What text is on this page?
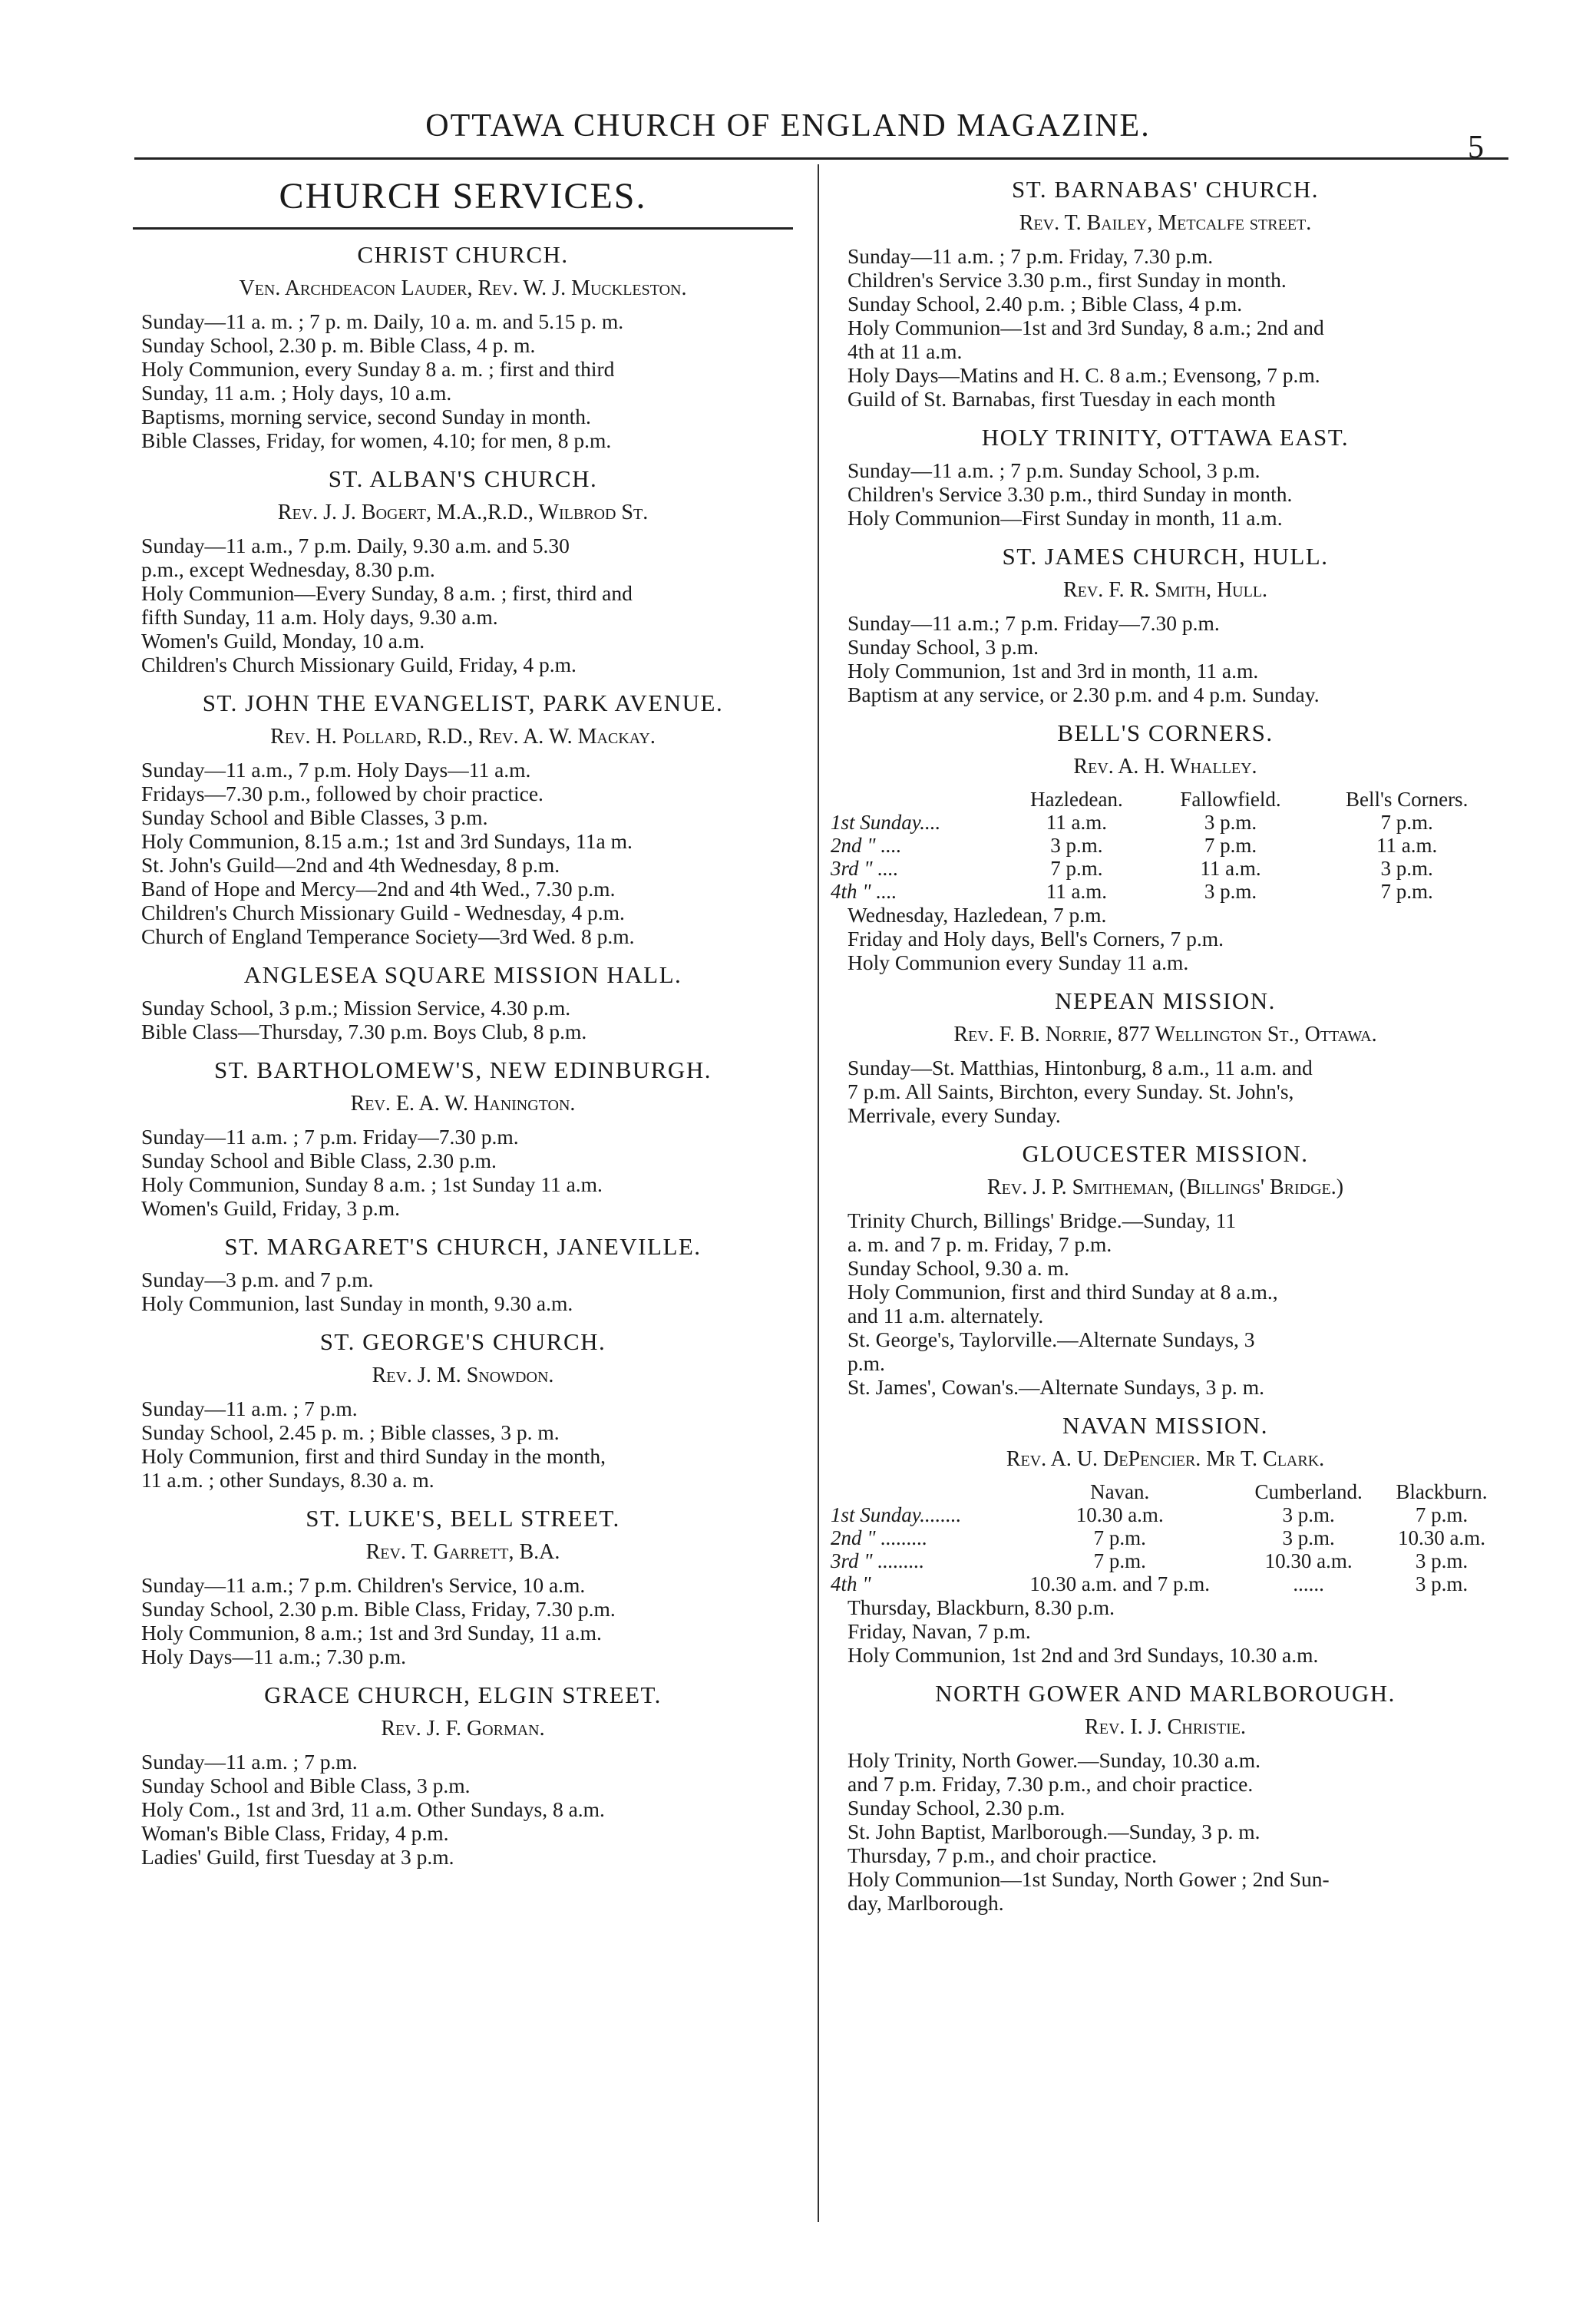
OTTAWA CHURCH OF ENGLAND MAGAZINE.
5
CHURCH SERVICES.
CHRIST CHURCH.
Ven. Archdeacon Lauder, Rev. W. J. Muckleston.
Sunday—11 a. m. ; 7 p. m. Daily, 10 a. m. and 5.15 p. m.
Sunday School, 2.30 p. m. Bible Class, 4 p. m.
Holy Communion, every Sunday 8 a. m. ; first and third
Sunday, 11 a.m. ; Holy days, 10 a.m.
Baptisms, morning service, second Sunday in month.
Bible Classes, Friday, for women, 4.10; for men, 8 p.m.
ST. ALBAN'S CHURCH.
Rev. J. J. Bogert, M.A.,R.D., Wilbrod St.
Sunday—11 a.m., 7 p.m. Daily, 9.30 a.m. and 5.30
p.m., except Wednesday, 8.30 p.m.
Holy Communion—Every Sunday, 8 a.m. ; first, third and
fifth Sunday, 11 a.m. Holy days, 9.30 a.m.
Women's Guild, Monday, 10 a.m.
Children's Church Missionary Guild, Friday, 4 p.m.
ST. JOHN THE EVANGELIST, PARK AVENUE.
Rev. H. Pollard, R.D., Rev. A. W. Mackay.
Sunday—11 a.m., 7 p.m. Holy Days—11 a.m.
Fridays—7.30 p.m., followed by choir practice.
Sunday School and Bible Classes, 3 p.m.
Holy Communion, 8.15 a.m.; 1st and 3rd Sundays, 11a m.
St. John's Guild—2nd and 4th Wednesday, 8 p.m.
Band of Hope and Mercy—2nd and 4th Wed., 7.30 p.m.
Children's Church Missionary Guild - Wednesday, 4 p.m.
Church of England Temperance Society—3rd Wed. 8 p.m.
ANGLESEA SQUARE MISSION HALL.
Sunday School, 3 p.m.; Mission Service, 4.30 p.m.
Bible Class—Thursday, 7.30 p.m. Boys Club, 8 p.m.
ST. BARTHOLOMEW'S, NEW EDINBURGH.
Rev. E. A. W. Hanington.
Sunday—11 a.m. ; 7 p.m. Friday—7.30 p.m.
Sunday School and Bible Class, 2.30 p.m.
Holy Communion, Sunday 8 a.m. ; 1st Sunday 11 a.m.
Women's Guild, Friday, 3 p.m.
ST. MARGARET'S CHURCH, JANEVILLE.
Sunday—3 p.m. and 7 p.m.
Holy Communion, last Sunday in month, 9.30 a.m.
ST. GEORGE'S CHURCH.
Rev. J. M. Snowdon.
Sunday—11 a.m. ; 7 p.m.
Sunday School, 2.45 p. m. ; Bible classes, 3 p. m.
Holy Communion, first and third Sunday in the month,
11 a.m. ; other Sundays, 8.30 a. m.
ST. LUKE'S, BELL STREET.
Rev. T. Garrett, B.A.
Sunday—11 a.m.; 7 p.m. Children's Service, 10 a.m.
Sunday School, 2.30 p.m. Bible Class, Friday, 7.30 p.m.
Holy Communion, 8 a.m.; 1st and 3rd Sunday, 11 a.m.
Holy Days—11 a.m.; 7.30 p.m.
GRACE CHURCH, ELGIN STREET.
Rev. J. F. Gorman.
Sunday—11 a.m. ; 7 p.m.
Sunday School and Bible Class, 3 p.m.
Holy Com., 1st and 3rd, 11 a.m. Other Sundays, 8 a.m.
Woman's Bible Class, Friday, 4 p.m.
Ladies' Guild, first Tuesday at 3 p.m.
ST. BARNABAS' CHURCH.
Rev. T. Bailey, Metcalfe street.
Sunday—11 a.m. ; 7 p.m. Friday, 7.30 p.m.
Children's Service 3.30 p.m., first Sunday in month.
Sunday School, 2.40 p.m. ; Bible Class, 4 p.m.
Holy Communion—1st and 3rd Sunday, 8 a.m.; 2nd and
4th at 11 a.m.
Holy Days—Matins and H. C. 8 a.m.; Evensong, 7 p.m.
Guild of St. Barnabas, first Tuesday in each month
HOLY TRINITY, OTTAWA EAST.
Sunday—11 a.m. ; 7 p.m. Sunday School, 3 p.m.
Children's Service 3.30 p.m., third Sunday in month.
Holy Communion—First Sunday in month, 11 a.m.
ST. JAMES CHURCH, HULL.
Rev. F. R. Smith, Hull.
Sunday—11 a.m.; 7 p.m. Friday—7.30 p.m.
Sunday School, 3 p.m.
Holy Communion, 1st and 3rd in month, 11 a.m.
Baptism at any service, or 2.30 p.m. and 4 p.m. Sunday.
BELL'S CORNERS.
Rev. A. H. Whalley.
	Hazledean.	Fallowfield.	Bell's Corners.
1st Sunday....	11 a.m.	3 p.m.	7 p.m.
2nd " ....	3 p.m.	7 p.m.	11 a.m.
3rd " ....	7 p.m.	11 a.m.	3 p.m.
4th " ....	11 a.m.	3 p.m.	7 p.m.
Wednesday, Hazledean, 7 p.m.
Friday and Holy days, Bell's Corners, 7 p.m.
Holy Communion every Sunday 11 a.m.
NEPEAN MISSION.
Rev. F. B. Norrie, 877 Wellington St., Ottawa.
Sunday—St. Matthias, Hintonburg, 8 a.m., 11 a.m. and
7 p.m. All Saints, Birchton, every Sunday. St. John's,
Merrivale, every Sunday.
GLOUCESTER MISSION.
Rev. J. P. Smitheman, (Billings' Bridge.)
Trinity Church, Billings' Bridge.—Sunday, 11
a. m. and 7 p. m. Friday, 7 p.m.
Sunday School, 9.30 a. m.
Holy Communion, first and third Sunday at 8 a.m.,
and 11 a.m. alternately.
St. George's, Taylorville.—Alternate Sundays, 3
p.m.
St. James', Cowan's.—Alternate Sundays, 3 p. m.
NAVAN MISSION.
Rev. A. U. DePencier. Mr T. Clark.
	Navan.	Cumberland.	Blackburn.
1st Sunday........	10.30 a.m.	3 p.m.	7 p.m.
2nd " .........	7 p.m.	3 p.m.	10.30 a.m.
3rd " .........	7 p.m.	10.30 a.m.	3 p.m.
4th "	10.30 a.m. and 7 p.m.	......	3 p.m.
Thursday, Blackburn, 8.30 p.m.
Friday, Navan, 7 p.m.
Holy Communion, 1st 2nd and 3rd Sundays, 10.30 a.m.
NORTH GOWER AND MARLBOROUGH.
Rev. I. J. Christie.
Holy Trinity, North Gower.—Sunday, 10.30 a.m.
and 7 p.m. Friday, 7.30 p.m., and choir practice.
Sunday School, 2.30 p.m.
St. John Baptist, Marlborough.—Sunday, 3 p. m.
Thursday, 7 p.m., and choir practice.
Holy Communion—1st Sunday, North Gower ; 2nd Sun-
day, Marlborough.
